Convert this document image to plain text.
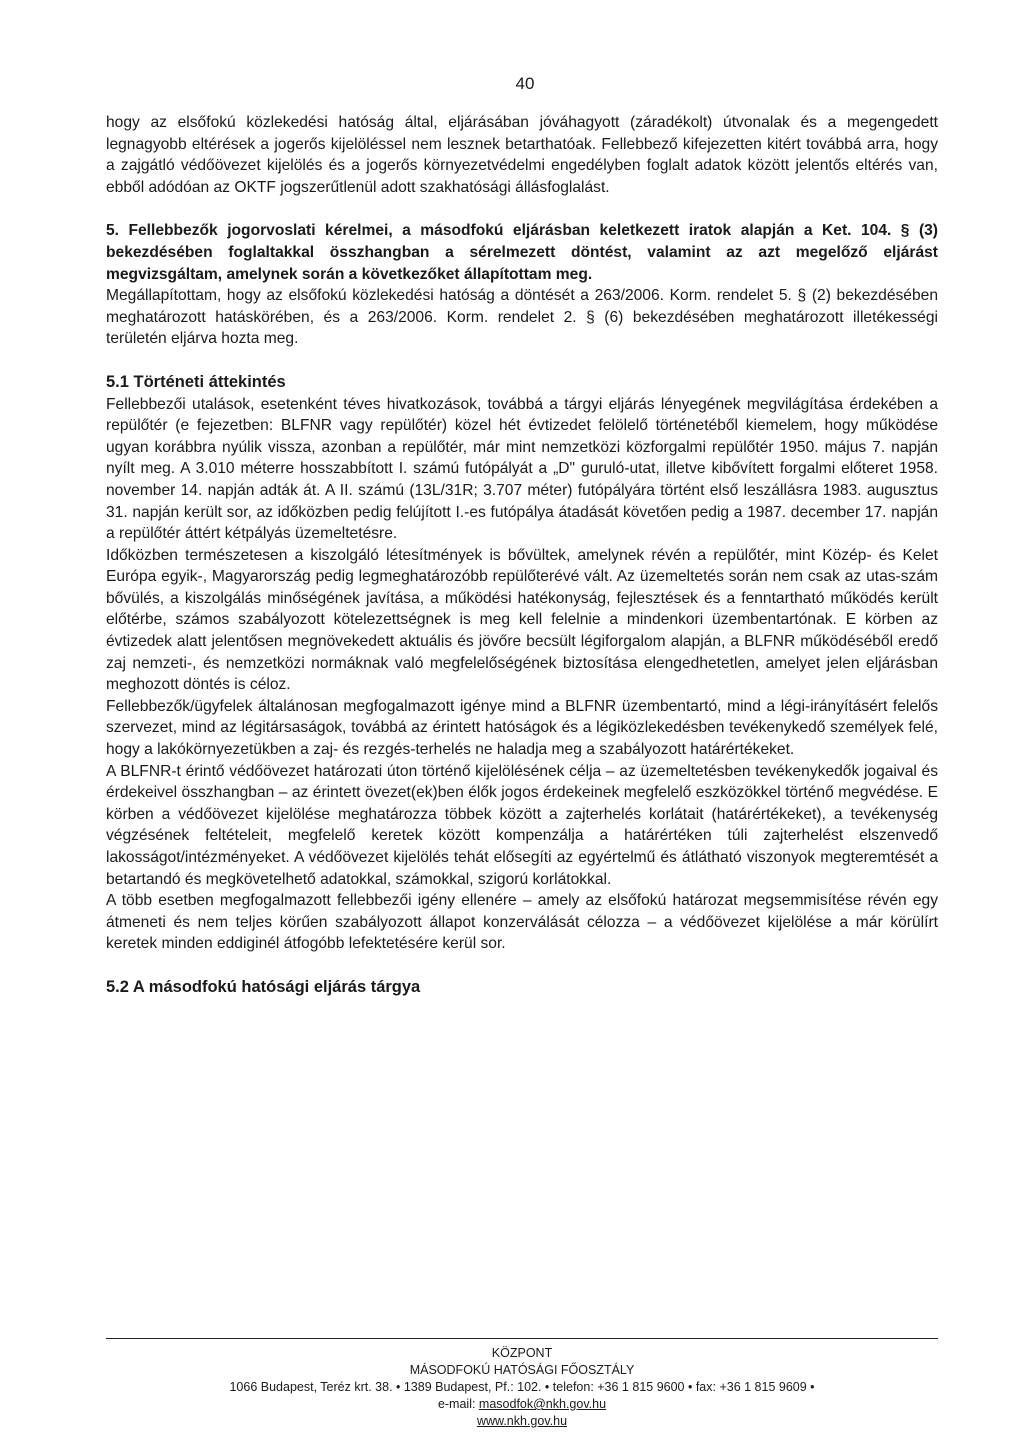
40

hogy az elsőfokú közlekedési hatóság által, eljárásában jóváhagyott (záradékolt) útvonalak és a megengedett legnagyobb eltérések a jogerős kijelöléssel nem lesznek betarthatóak. Fellebbező kifejezetten kitért továbbá arra, hogy a zajgátló védőövezet kijelölés és a jogerős környezetvédelmi engedélyben foglalt adatok között jelentős eltérés van, ebből adódóan az OKTF jogszerűtlenül adott szakhatósági állásfoglalást.

5. Fellebbezők jogorvoslati kérelmei, a másodfokú eljárásban keletkezett iratok alapján a Ket. 104. § (3) bekezdésében foglaltakkal összhangban a sérelmezett döntést, valamint az azt megelőző eljárást megvizsgáltam, amelynek során a következőket állapítottam meg.

Megállapítottam, hogy az elsőfokú közlekedési hatóság a döntését a 263/2006. Korm. rendelet 5. § (2) bekezdésében meghatározott hatáskörében, és a 263/2006. Korm. rendelet 2. § (6) bekezdésében meghatározott illetékességi területén eljárva hozta meg.

5.1 Történeti áttekintés

Fellebbezői utalások, esetenként téves hivatkozások, továbbá a tárgyi eljárás lényegének megvilágítása érdekében a repülőtér (e fejezetben: BLFNR vagy repülőtér) közel hét évtizedet felölelő történetéből kiemelem, hogy működése ugyan korábbra nyúlik vissza, azonban a repülőtér, már mint nemzetközi közforgalmi repülőtér 1950. május 7. napján nyílt meg. A 3.010 méterre hosszabbított I. számú futópályát a „D" guruló-utat, illetve kibővített forgalmi előteret 1958. november 14. napján adták át. A II. számú (13L/31R; 3.707 méter) futópályára történt első leszállásra 1983. augusztus 31. napján került sor, az időközben pedig felújított I.-es futópálya átadását követően pedig a 1987. december 17. napján a repülőtér áttért kétpályás üzemeltetésre.

Időközben természetesen a kiszolgáló létesítmények is bővültek, amelynek révén a repülőtér, mint Közép- és Kelet Európa egyik-, Magyarország pedig legmeghatározóbb repülőterévé vált. Az üzemeltetés során nem csak az utas-szám bővülés, a kiszolgálás minőségének javítása, a működési hatékonyság, fejlesztések és a fenntartható működés került előtérbe, számos szabályozott kötelezettségnek is meg kell felelnie a mindenkori üzembentartónak. E körben az évtizedek alatt jelentősen megnövekedett aktuális és jövőre becsült légiforgalom alapján, a BLFNR működéséből eredő zaj nemzeti-, és nemzetközi normáknak való megfelelőségének biztosítása elengedhetetlen, amelyet jelen eljárásban meghozott döntés is céloz.

Fellebbezők/ügyfelek általánosan megfogalmazott igénye mind a BLFNR üzembentartó, mind a légi-irányításért felelős szervezet, mind az légitársaságok, továbbá az érintett hatóságok és a légiközlekedésben tevékenykedő személyek felé, hogy a lakókörnyezetükben a zaj- és rezgés-terhelés ne haladja meg a szabályozott határértékeket.

A BLFNR-t érintő védőövezet határozati úton történő kijelölésének célja – az üzemeltetésben tevékenykedők jogaival és érdekeivel összhangban – az érintett övezet(ek)ben élők jogos érdekeinek megfelelő eszközökkel történő megvédése. E körben a védőövezet kijelölése meghatározza többek között a zajterhelés korlátait (határértékeket), a tevékenység végzésének feltételeit, megfelelő keretek között kompenzálja a határértéken túli zajterhelést elszenvedő lakosságot/intézményeket. A védőövezet kijelölés tehát elősegíti az egyértelmű és átlátható viszonyok megteremtését a betartandó és megkövetelhető adatokkal, számokkal, szigorú korlátokkal.

A több esetben megfogalmazott fellebbezői igény ellenére – amely az elsőfokú határozat megsemmisítése révén egy átmeneti és nem teljes körűen szabályozott állapot konzerválását célozza – a védőövezet kijelölése a már körülírt keretek minden eddiginél átfogóbb lefektetésére kerül sor.

5.2 A másodfokú hatósági eljárás tárgya

KÖZPONT
MÁSODFOKÚ HATÓSÁGI FŐOSZTÁLY
1066 Budapest, Teréz krt. 38. • 1389 Budapest, Pf.: 102. • telefon: +36 1 815 9600 • fax: +36 1 815 9609 •
e-mail: masodfok@nkh.gov.hu
www.nkh.gov.hu
